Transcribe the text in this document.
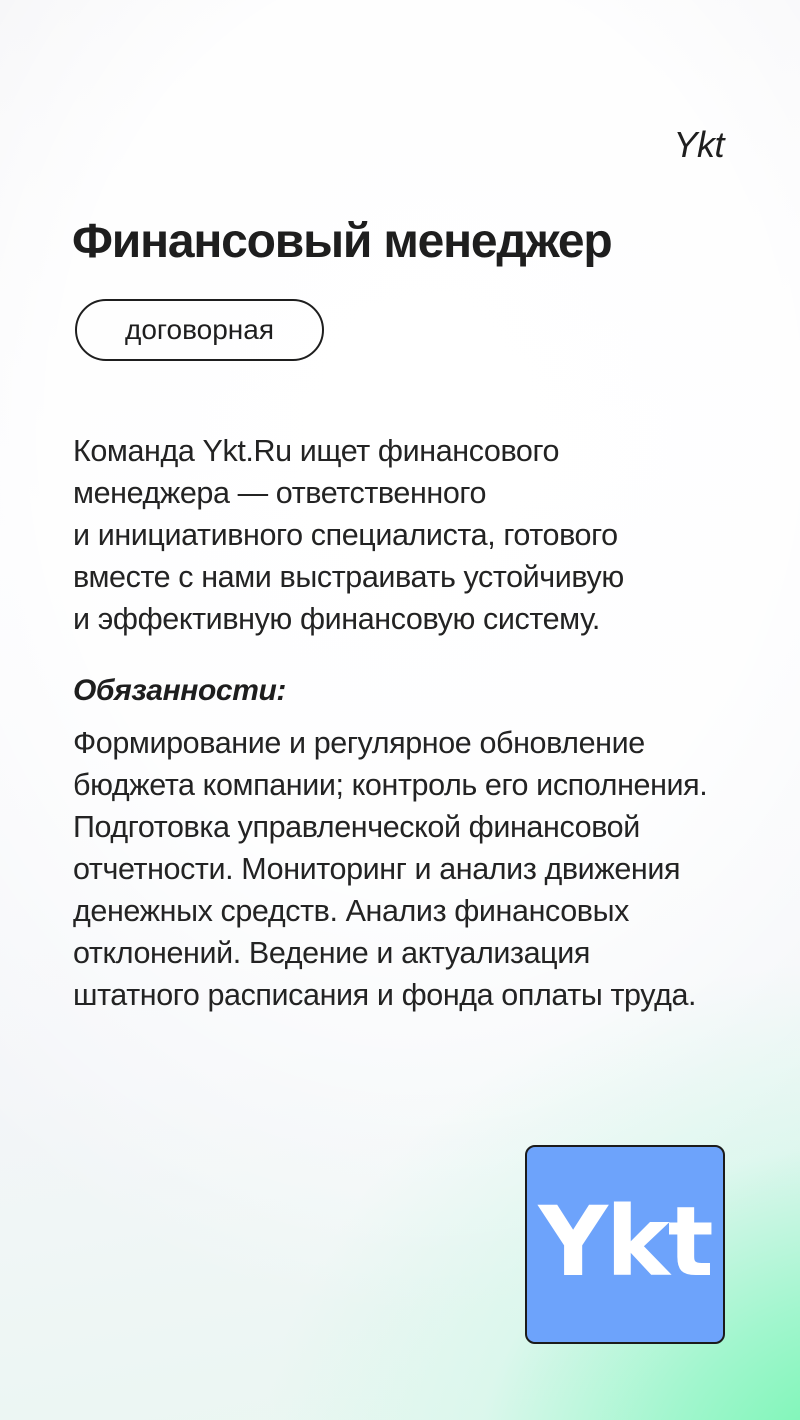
Ykt
Финансовый менеджер
договорная

Команда Ykt.Ru ищет финансового
менеджера — ответственного
и инициативного специалиста, готового
вместе с нами выстраивать устойчивую
и эффективную финансовую систему.

Обязанности:

Формирование и регулярное обновление
бюджета компании; контроль его исполнения.
Подготовка управленческой финансовой
отчетности. Мониторинг и анализ движения
денежных средств. Анализ финансовых
отклонений. Ведение и актуализация
штатного расписания и фонда оплаты труда.

Ykt
